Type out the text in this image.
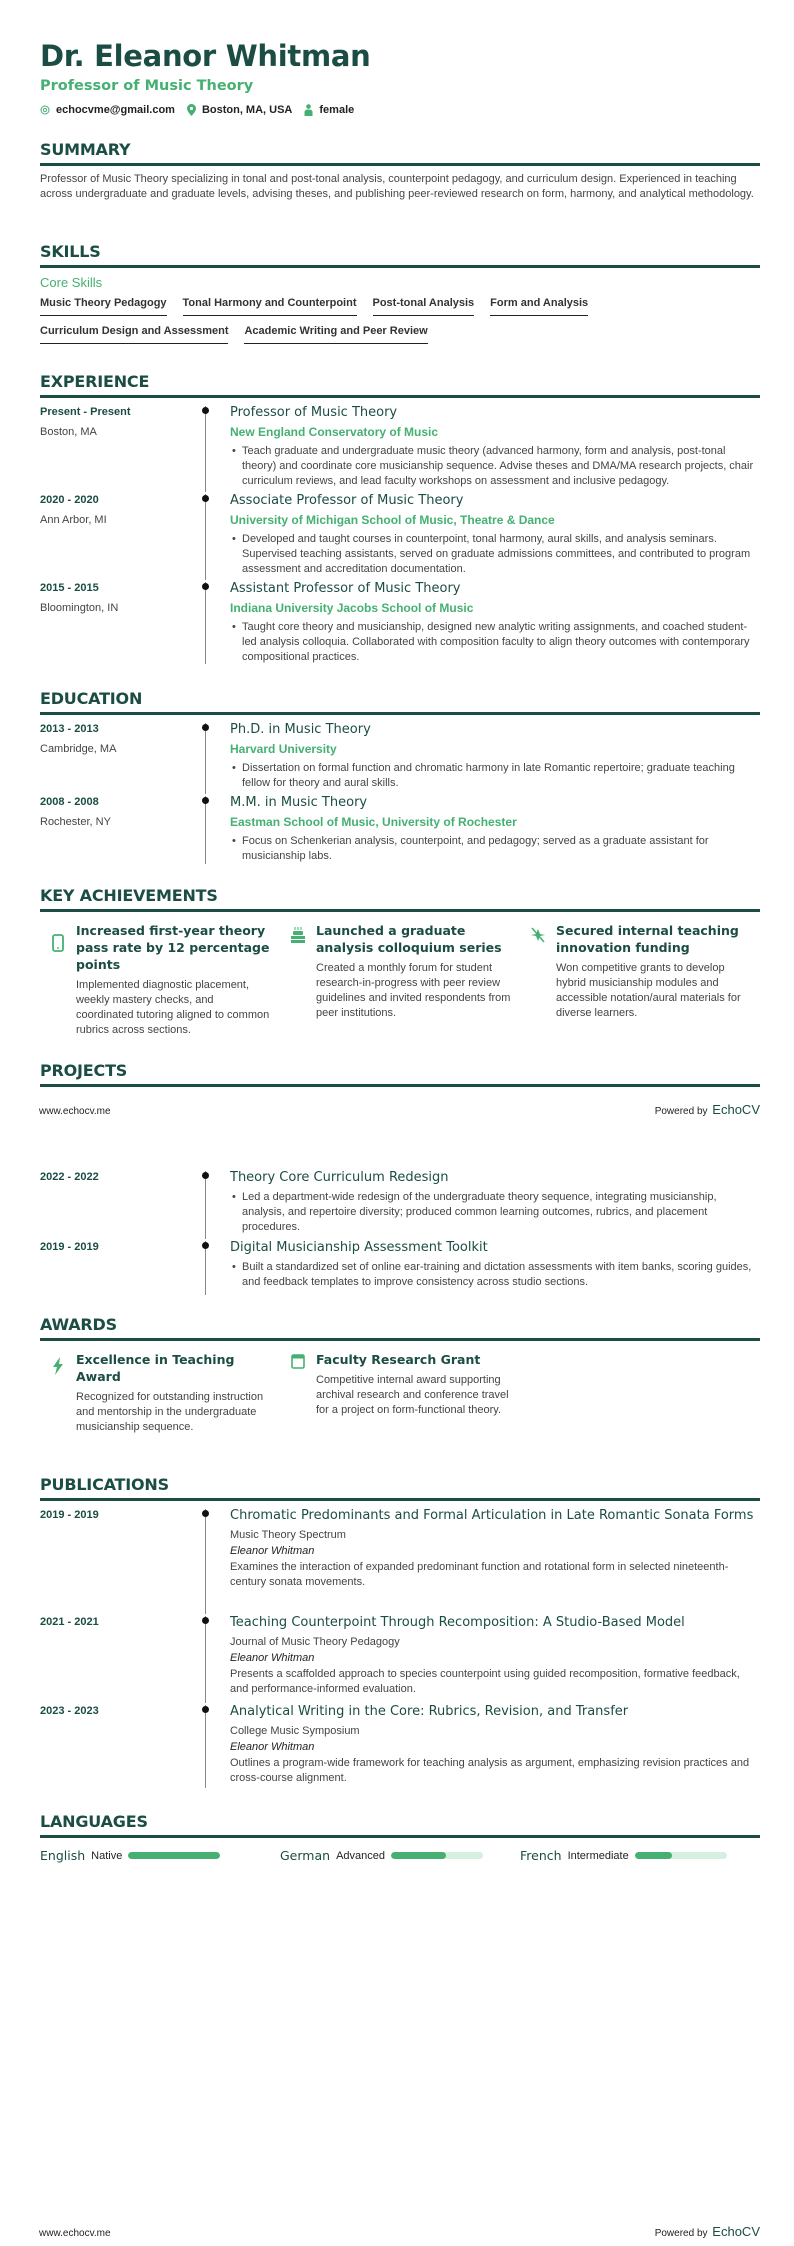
Dr. Eleanor Whitman
Professor of Music Theory
echocvme@gmail.com Boston, MA, USA female
SUMMARY
Professor of Music Theory specializing in tonal and post-tonal analysis, counterpoint pedagogy, and curriculum design. Experienced in teaching across undergraduate and graduate levels, advising theses, and publishing peer-reviewed research on form, harmony, and analytical methodology.
SKILLS
Core Skills
Music Theory Pedagogy Tonal Harmony and Counterpoint Post-tonal Analysis Form and Analysis
Curriculum Design and Assessment Academic Writing and Peer Review
EXPERIENCE
Present - Present
Boston, MA
Professor of Music Theory
New England Conservatory of Music
• Teach graduate and undergraduate music theory (advanced harmony, form and analysis, post-tonal theory) and coordinate core musicianship sequence. Advise theses and DMA/MA research projects, chair curriculum reviews, and lead faculty workshops on assessment and inclusive pedagogy.
2020 - 2020
Ann Arbor, MI
Associate Professor of Music Theory
University of Michigan School of Music, Theatre & Dance
• Developed and taught courses in counterpoint, tonal harmony, aural skills, and analysis seminars. Supervised teaching assistants, served on graduate admissions committees, and contributed to program assessment and accreditation documentation.
2015 - 2015
Bloomington, IN
Assistant Professor of Music Theory
Indiana University Jacobs School of Music
• Taught core theory and musicianship, designed new analytic writing assignments, and coached student-led analysis colloquia. Collaborated with composition faculty to align theory outcomes with contemporary compositional practices.
EDUCATION
2013 - 2013
Cambridge, MA
Ph.D. in Music Theory
Harvard University
• Dissertation on formal function and chromatic harmony in late Romantic repertoire; graduate teaching fellow for theory and aural skills.
2008 - 2008
Rochester, NY
M.M. in Music Theory
Eastman School of Music, University of Rochester
• Focus on Schenkerian analysis, counterpoint, and pedagogy; served as a graduate assistant for musicianship labs.
KEY ACHIEVEMENTS
Increased first-year theory pass rate by 12 percentage points
Implemented diagnostic placement, weekly mastery checks, and coordinated tutoring aligned to common rubrics across sections.
Launched a graduate analysis colloquium series
Created a monthly forum for student research-in-progress with peer review guidelines and invited respondents from peer institutions.
Secured internal teaching innovation funding
Won competitive grants to develop hybrid musicianship modules and accessible notation/aural materials for diverse learners.
PROJECTS
2022 - 2022	Theory Core Curriculum Redesign
• Led a department-wide redesign of the undergraduate theory sequence, integrating musicianship, analysis, and repertoire diversity; produced common learning outcomes, rubrics, and placement procedures.
2019 - 2019	Digital Musicianship Assessment Toolkit
• Built a standardized set of online ear-training and dictation assessments with item banks, scoring guides, and feedback templates to improve consistency across studio sections.
AWARDS
Excellence in Teaching Award
Recognized for outstanding instruction and mentorship in the undergraduate musicianship sequence.
Faculty Research Grant
Competitive internal award supporting archival research and conference travel for a project on form-functional theory.
PUBLICATIONS
2019 - 2019	Chromatic Predominants and Formal Articulation in Late Romantic Sonata Forms
Music Theory Spectrum
Eleanor Whitman
Examines the interaction of expanded predominant function and rotational form in selected nineteenth-century sonata movements.
2021 - 2021	Teaching Counterpoint Through Recomposition: A Studio-Based Model
Journal of Music Theory Pedagogy
Eleanor Whitman
Presents a scaffolded approach to species counterpoint using guided recomposition, formative feedback, and performance-informed evaluation.
2023 - 2023	Analytical Writing in the Core: Rubrics, Revision, and Transfer
College Music Symposium
Eleanor Whitman
Outlines a program-wide framework for teaching analysis as argument, emphasizing revision practices and cross-course alignment.
LANGUAGES
English Native	German Advanced	French Intermediate
www.echocv.me	Powered by EchoCV
www.echocv.me	Powered by EchoCV
